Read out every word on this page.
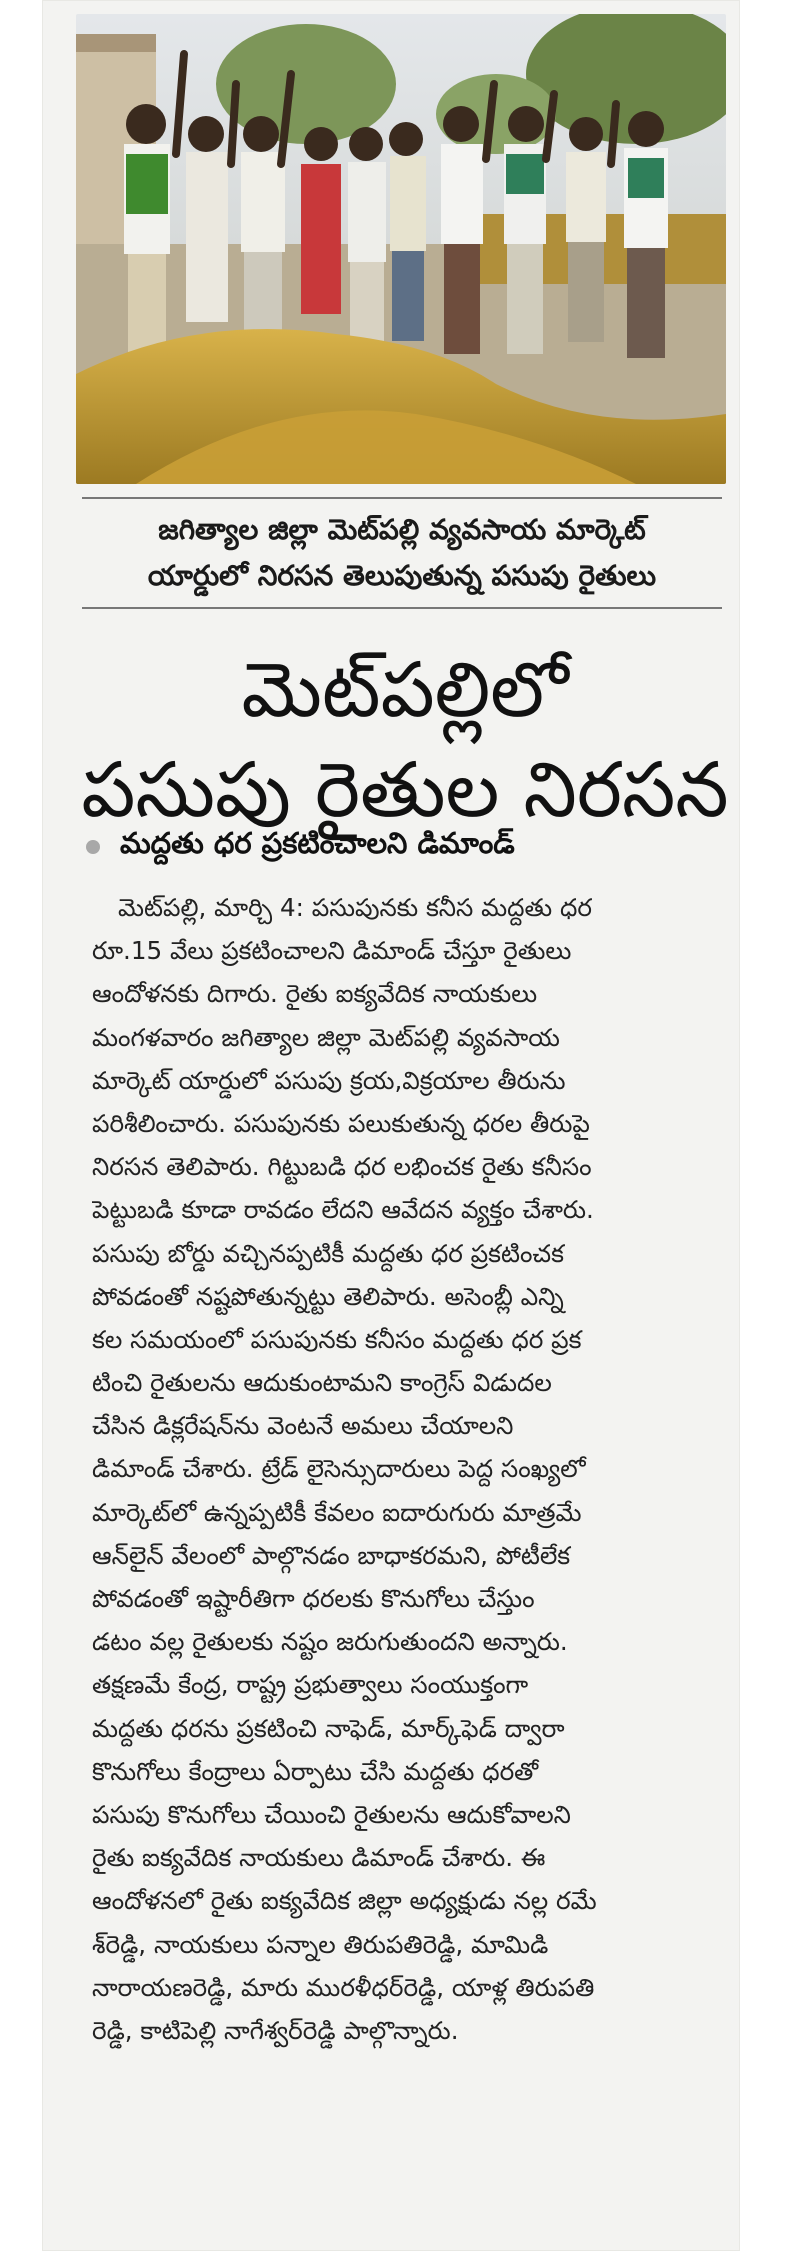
జగిత్యాల జిల్లా మెట్‌పల్లి వ్యవసాయ మార్కెట్
యార్డులో నిరసన తెలుపుతున్న పసుపు రైతులు
మెట్‌పల్లిలో
పసుపు రైతుల నిరసన
మద్దతు ధర ప్రకటించాలని డిమాండ్
మెట్‌పల్లి, మార్చి 4: పసుపునకు కనీస మద్దతు ధర
రూ.15 వేలు ప్రకటించాలని డిమాండ్ చేస్తూ రైతులు
ఆందోళనకు దిగారు. రైతు ఐక్యవేదిక నాయకులు
మంగళవారం జగిత్యాల జిల్లా మెట్‌పల్లి వ్యవసాయ
మార్కెట్ యార్డులో పసుపు క్రయ,విక్రయాల తీరును
పరిశీలించారు. పసుపునకు పలుకుతున్న ధరల తీరుపై
నిరసన తెలిపారు. గిట్టుబడి ధర లభించక రైతు కనీసం
పెట్టుబడి కూడా రావడం లేదని ఆవేదన వ్యక్తం చేశారు.
పసుపు బోర్డు వచ్చినప్పటికీ మద్దతు ధర ప్రకటించక
పోవడంతో నష్టపోతున్నట్టు తెలిపారు. అసెంబ్లీ ఎన్ని
కల సమయంలో పసుపునకు కనీసం మద్దతు ధర ప్రక
టించి రైతులను ఆదుకుంటామని కాంగ్రెస్ విడుదల
చేసిన డిక్లరేషన్‌ను వెంటనే అమలు చేయాలని
డిమాండ్ చేశారు. ట్రేడ్ లైసెన్సుదారులు పెద్ద సంఖ్యలో
మార్కెట్‌లో ఉన్నప్పటికీ కేవలం ఐదారుగురు మాత్రమే
ఆన్‌లైన్ వేలంలో పాల్గొనడం బాధాకరమని, పోటీలేక
పోవడంతో ఇష్టారీతిగా ధరలకు కొనుగోలు చేస్తుం
డటం వల్ల రైతులకు నష్టం జరుగుతుందని అన్నారు.
తక్షణమే కేంద్ర, రాష్ట్ర ప్రభుత్వాలు సంయుక్తంగా
మద్దతు ధరను ప్రకటించి నాఫెడ్, మార్క్‌ఫెడ్ ద్వారా
కొనుగోలు కేంద్రాలు ఏర్పాటు చేసి మద్దతు ధరతో
పసుపు కొనుగోలు చేయించి రైతులను ఆదుకోవాలని
రైతు ఐక్యవేదిక నాయకులు డిమాండ్ చేశారు. ఈ
ఆందోళనలో రైతు ఐక్యవేదిక జిల్లా అధ్యక్షుడు నల్ల రమే
శ్‌రెడ్డి, నాయకులు పన్నాల తిరుపతిరెడ్డి, మామిడి
నారాయణరెడ్డి, మారు మురళీధర్‌రెడ్డి, యాళ్ల తిరుపతి
రెడ్డి, కాటిపెల్లి నాగేశ్వర్‌రెడ్డి పాల్గొన్నారు.
